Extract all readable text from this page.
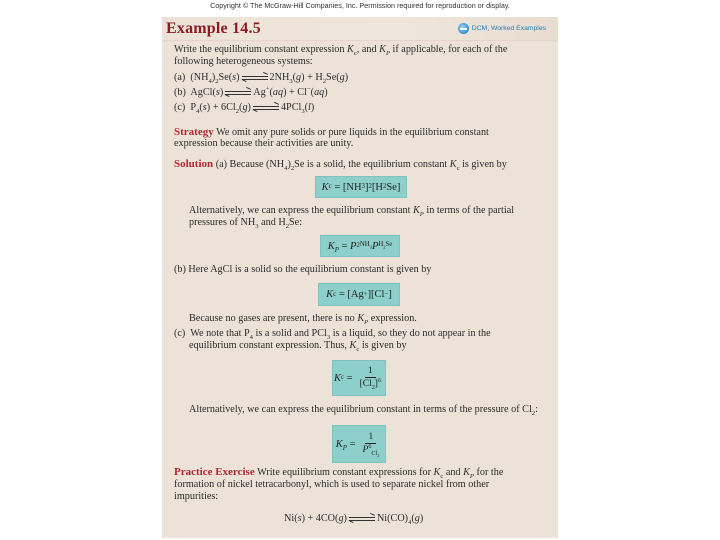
Copyright © The McGraw-Hill Companies, Inc. Permission required for reproduction or display.
Example 14.5	DCM, Worked Examples
Write the equilibrium constant expression $K_c$, and $K_P$ if applicable, for each of the
following heterogeneous systems:
(a)  $(NH_4)_2Se(s)$	$2NH_3(g) + H_2Se(g)$
(b)  AgCl(s)	Ag+(aq) + Cl−(aq)
(c)  $P_4(s) + 6Cl_2(g)$	4PCl$_3$(l)
Strategy We omit any pure solids or pure liquids in the equilibrium constant
expression because their activities are unity.
Solution (a) Because $(NH_4)_2Se$ is a solid, the equilibrium constant $K_c$ is given by
K c = [NH 3 ] 2 [H 2 Se]
Alternatively, we can express the equilibrium constant $K_P$ in terms of the partial
pressures of $NH_3$ and $H_2Se$:
$K_P = P$ 2 $NH_3$ P $H_2Se$
(b) Here AgCl is a solid so the equilibrium constant is given by
K c = [Ag + ][Cl − ]
Because no gases are present, there is no $K_P$ expression.
(c)  We note that $P_4$ is a solid and PCl$_3$ is a liquid, so they do not appear in the
equilibrium constant expression. Thus, $K_c$ is given by
K $c = \frac{1}{[Cl_2]^6}$
Alternatively, we can express the equilibrium constant in terms of the pressure of $Cl_2$:
$K_P = \frac{1}{P^6_{Cl_2}}$
Practice Exercise Write equilibrium constant expressions for $K_c$ and $K_P$ for the
formation of nickel tetracarbonyl, which is used to separate nickel from other
impurities:
Ni(s) + 4CO(g)	$Ni(CO)_4(g)$
